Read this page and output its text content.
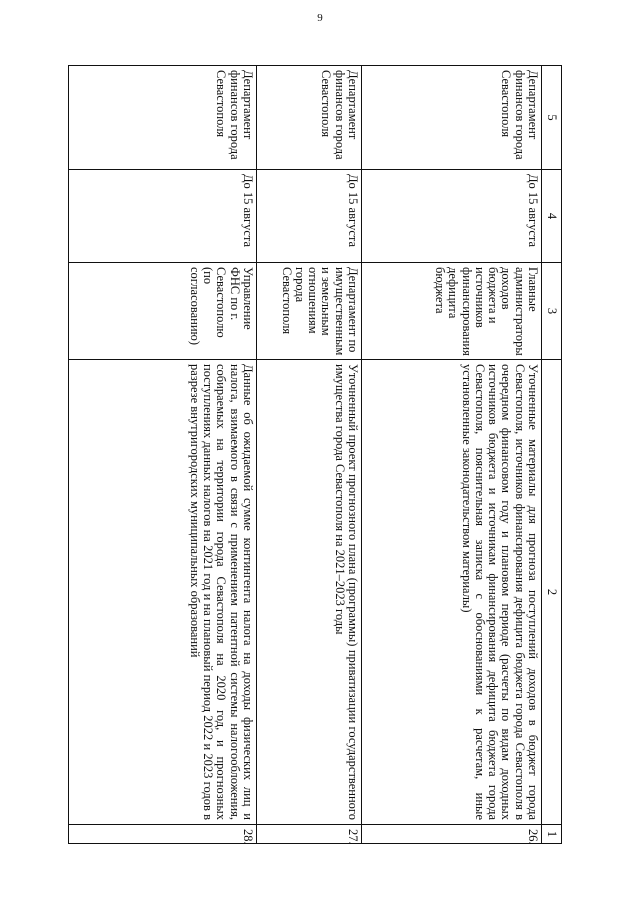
9
5	4	3	2	1
Департамент финансов города Севастополя	До 15 августа	Главные администраторы доходов бюджета и источников финансирования дефицита бюджета	Уточненные материалы для прогноза поступлений доходов в бюджет города Севастополя, источников финансирования дефицита бюджета города Севастополя в очередном финансовом году и плановом периоде (расчеты по видам доходных источников бюджета и источникам финансирования дефицита бюджета города Севастополя, пояснительная записка с обоснованиями к расчетам, иные установленные законодательством материалы)	26.
Департамент финансов города Севастополя	До 15 августа	Департамент по имущественным и земельным отношениям города Севастополя	Уточненный проект прогнозного плана (программы) приватизации государственного имущества города Севастополя на 2021–2023 годы	27.
Департамент финансов города Севастополя	До 15 августа	Управление ФНС по г. Севастополю (по согласованию)	Данные об ожидаемой сумме контингента налога на доходы физических лиц и налога, взимаемого в связи с применением патентной системы налогообложения, собираемых на территории города Севастополя на 2020 год, и прогнозных поступлениях данных налогов на 2021 год и на плановый период 2022 и 2023 годов в разрезе внутригородских муниципальных образований	28.
